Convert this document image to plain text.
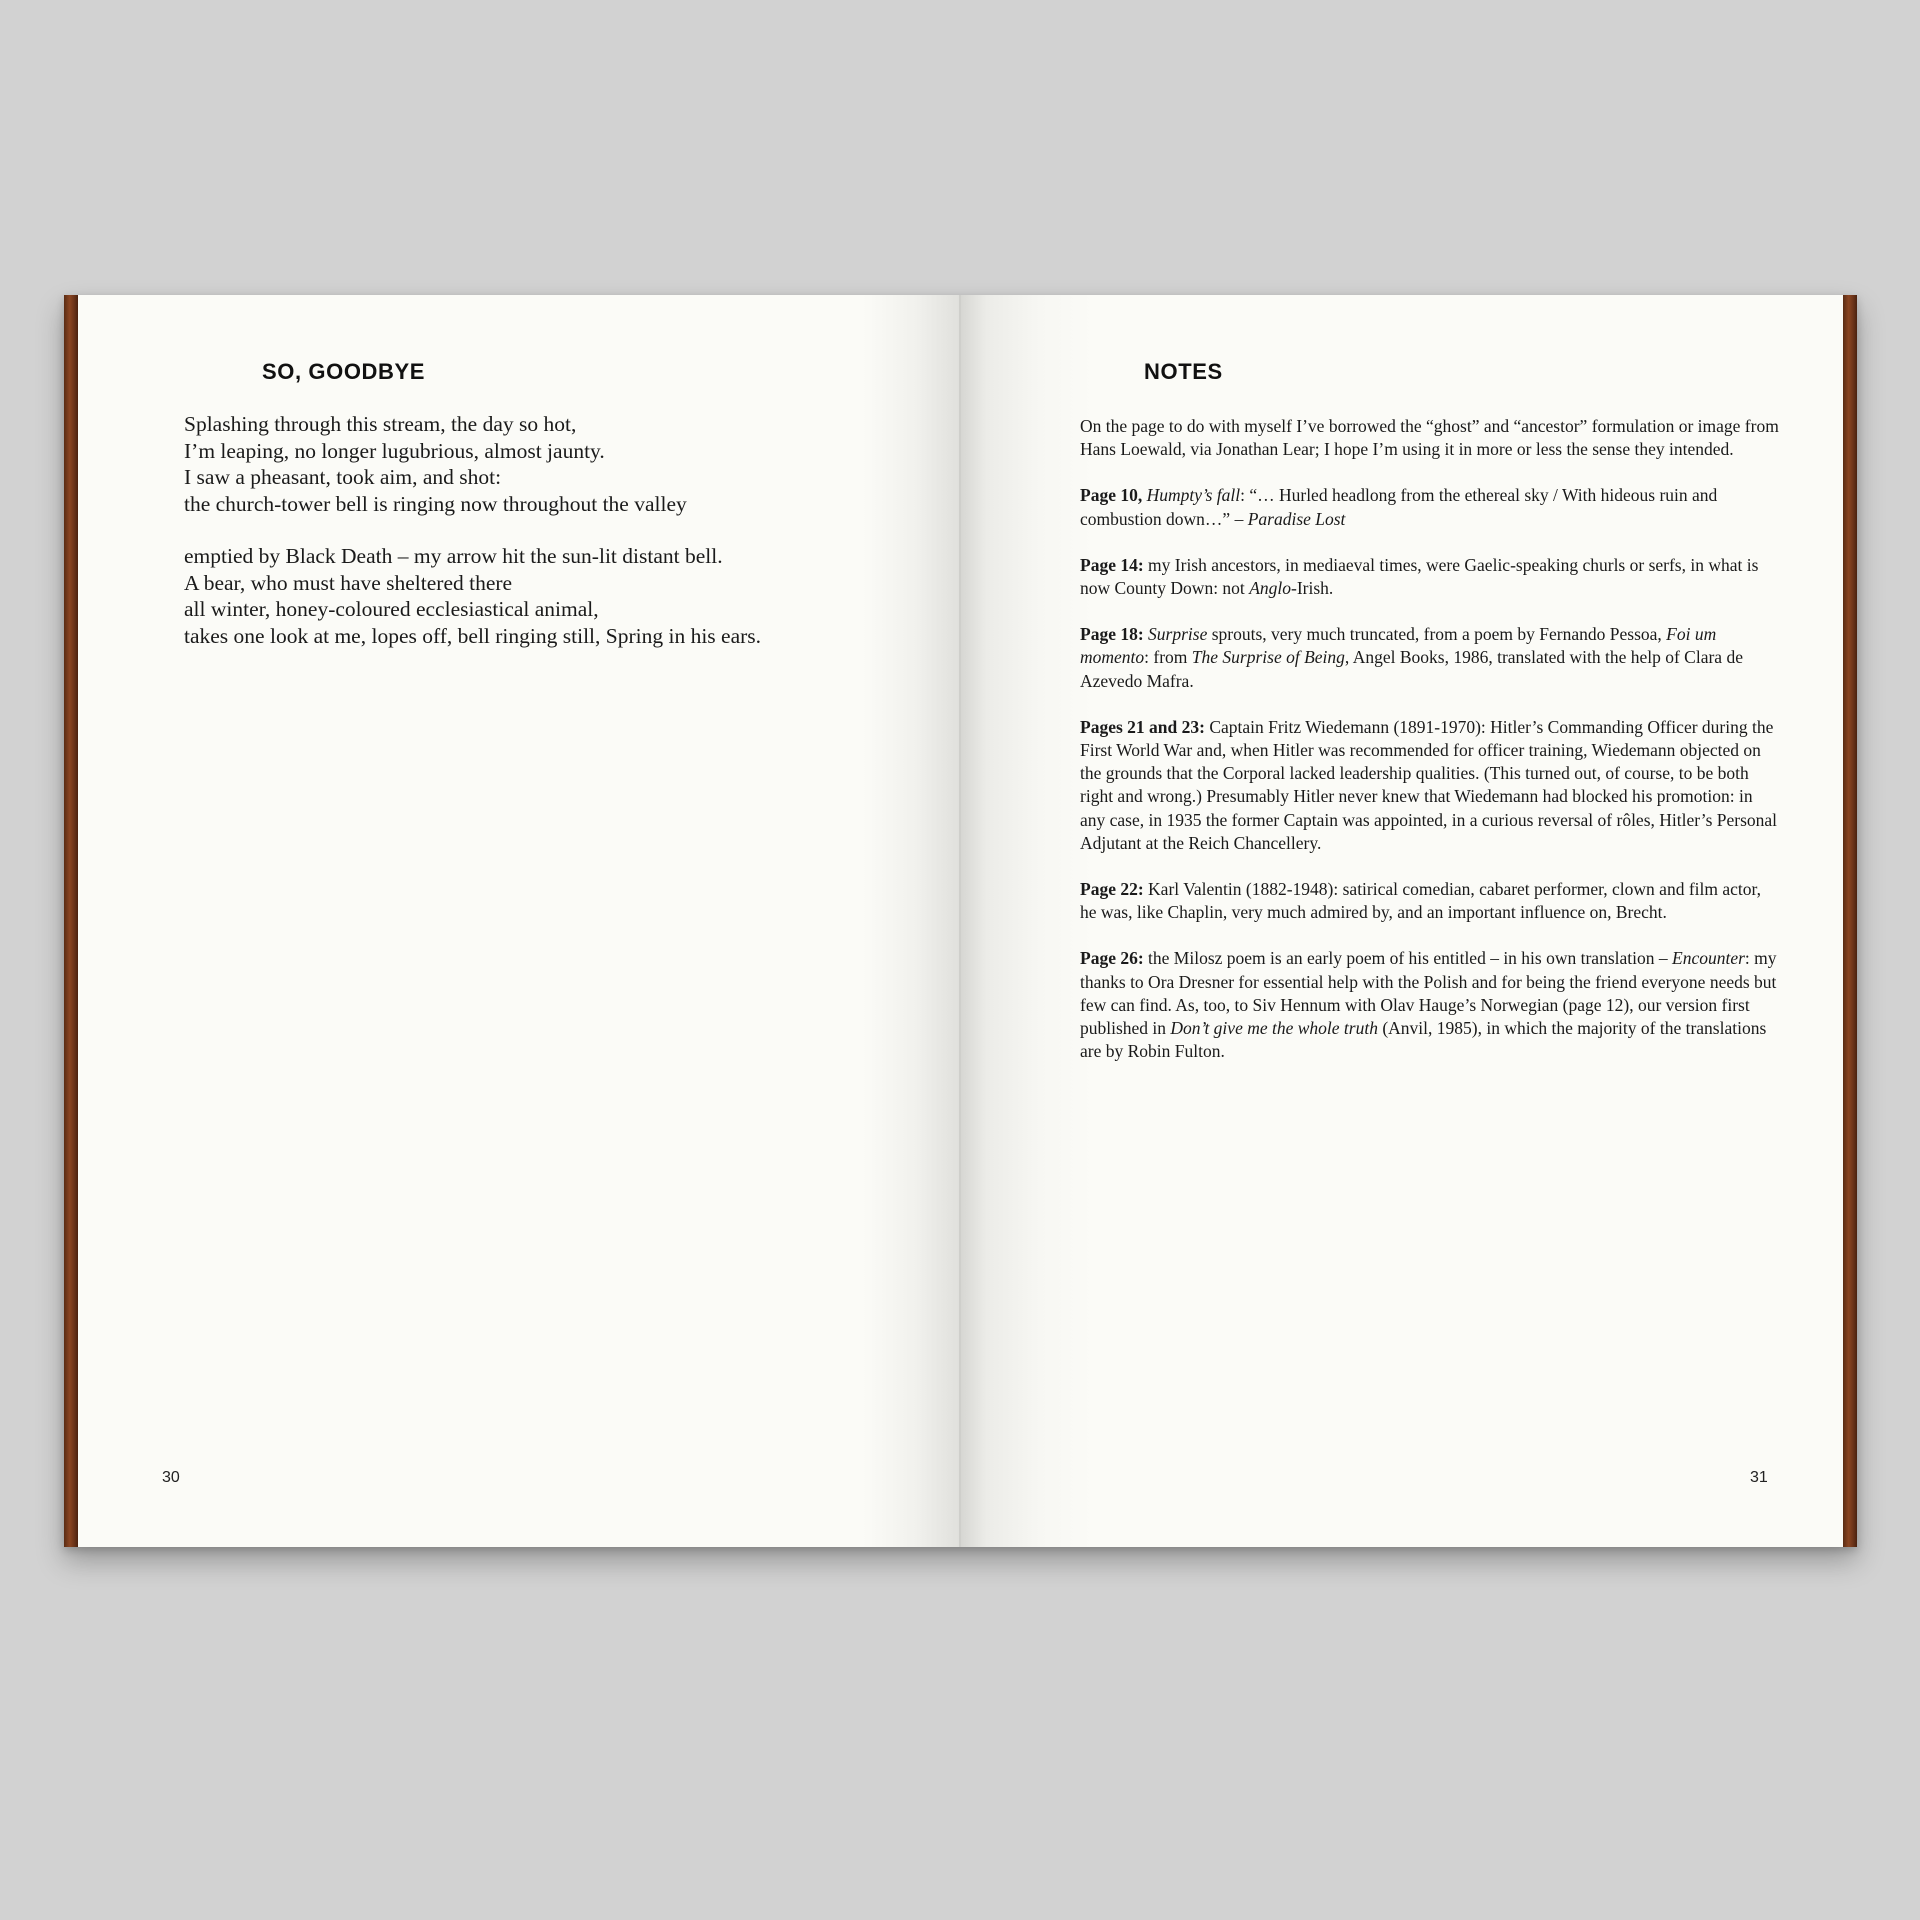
SO, GOODBYE
30
NOTES
31
Splashing through this stream, the day so hot,
I’m leaping, no longer lugubrious, almost jaunty.
I saw a pheasant, took aim, and shot:
the church-tower bell is ringing now throughout the valley
emptied by Black Death – my arrow hit the sun-lit distant bell.
A bear, who must have sheltered there
all winter, honey-coloured ecclesiastical animal,
takes one look at me, lopes off, bell ringing still, Spring in his ears.

On the page to do with myself I’ve borrowed the “ghost” and “ancestor” formulation or image from Hans Loewald, via Jonathan Lear; I hope I’m using it in more or less the sense they intended.

Page 10, Humpty’s fall: “… Hurled headlong from the ethereal sky / With hideous ruin and combustion down…” – Paradise Lost

Page 14: my Irish ancestors, in mediaeval times, were Gaelic-speaking churls or serfs, in what is now County Down: not Anglo-Irish.

Page 18: Surprise sprouts, very much truncated, from a poem by Fernando Pessoa, Foi um momento: from The Surprise of Being, Angel Books, 1986, translated with the help of Clara de Azevedo Mafra.

Pages 21 and 23: Captain Fritz Wiedemann (1891-1970): Hitler’s Commanding Officer during the First World War and, when Hitler was recommended for officer training, Wiedemann objected on the grounds that the Corporal lacked leadership qualities. (This turned out, of course, to be both right and wrong.) Presumably Hitler never knew that Wiedemann had blocked his promotion: in any case, in 1935 the former Captain was appointed, in a curious reversal of rôles, Hitler’s Personal Adjutant at the Reich Chancellery.

Page 22: Karl Valentin (1882-1948): satirical comedian, cabaret performer, clown and film actor, he was, like Chaplin, very much admired by, and an important influence on, Brecht.

Page 26: the Milosz poem is an early poem of his entitled – in his own translation – Encounter: my thanks to Ora Dresner for essential help with the Polish and for being the friend everyone needs but few can find. As, too, to Siv Hennum with Olav Hauge’s Norwegian (page 12), our version first published in Don’t give me the whole truth (Anvil, 1985), in which the majority of the translations are by Robin Fulton.
